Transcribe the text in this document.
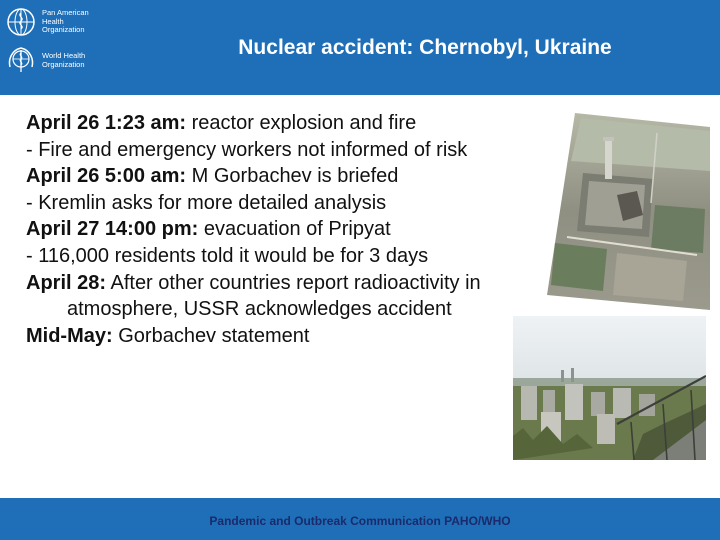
Pan American
Health
Organization
World Health
Organization
Nuclear accident: Chernobyl, Ukraine

April 26 1:23 am: reactor explosion and fire

- Fire and emergency workers not informed of risk

April 26 5:00 am: M Gorbachev is briefed

- Kremlin asks for more detailed analysis

April 27 14:00 pm: evacuation of Pripyat

- 116,000 residents told it would be for 3 days

April 28: After other countries report radioactivity in atmosphere, USSR acknowledges accident

Mid-May: Gorbachev statement

Pandemic and Outbreak Communication PAHO/WHO
